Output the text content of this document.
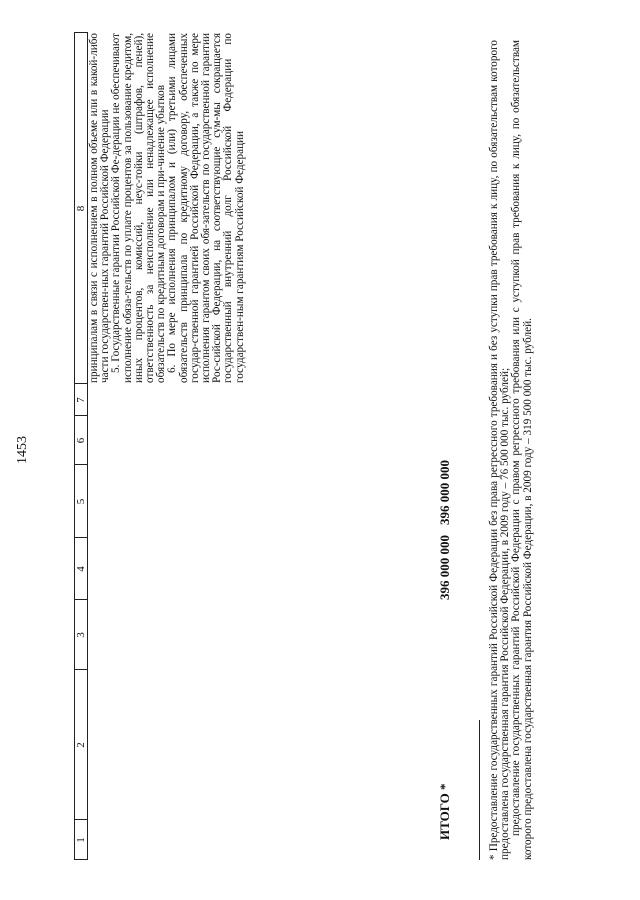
1453
1
2
3
4
5
6
7
8 принципалам в связи с исполнением в полном объеме или в какой-либо части государствен-ных гарантий Российской Федерации 5. Государственные гарантии Российской Фе-дерации не обеспечивают исполнение обяза-тельств по уплате процентов за пользование кредитом, иных процентов, комиссий, неус-тойки (штрафов, пеней), ответственность за неисполнение или ненадлежащее исполнение обязательств по кредитным договорам и при-чинение убытков 6. По мере исполнения принципалом и (или) третьими лицами обязательств принципала по кредитному договору, обеспеченных государ-ственной гарантией Российской Федерации, а также по мере исполнения гарантом своих обя-зательств по государственной гарантии Рос-сийской Федерации, на соответствующие сум-мы сокращается государственный внутренний долг Российской Федерации по государствен-ным гарантиям Российской Федерации

ИТОГО *
396 000 000
396 000 000	* Предоставление государственных гарантий Российской Федерации без права регрессного требования и без уступки прав требования к лицу, по обязательствам которого предоставлена государственная гарантия Российской Федерации, в 2009 году – 76 500 000 тыс. рублей; предоставление государственных гарантий Российской Федерации с правом регрессного требования или с уступкой прав требования к лицу, по обязательствам которого предоставлена государственная гарантия Российской Федерации, в 2009 году – 319 500 000 тыс. рублей.
